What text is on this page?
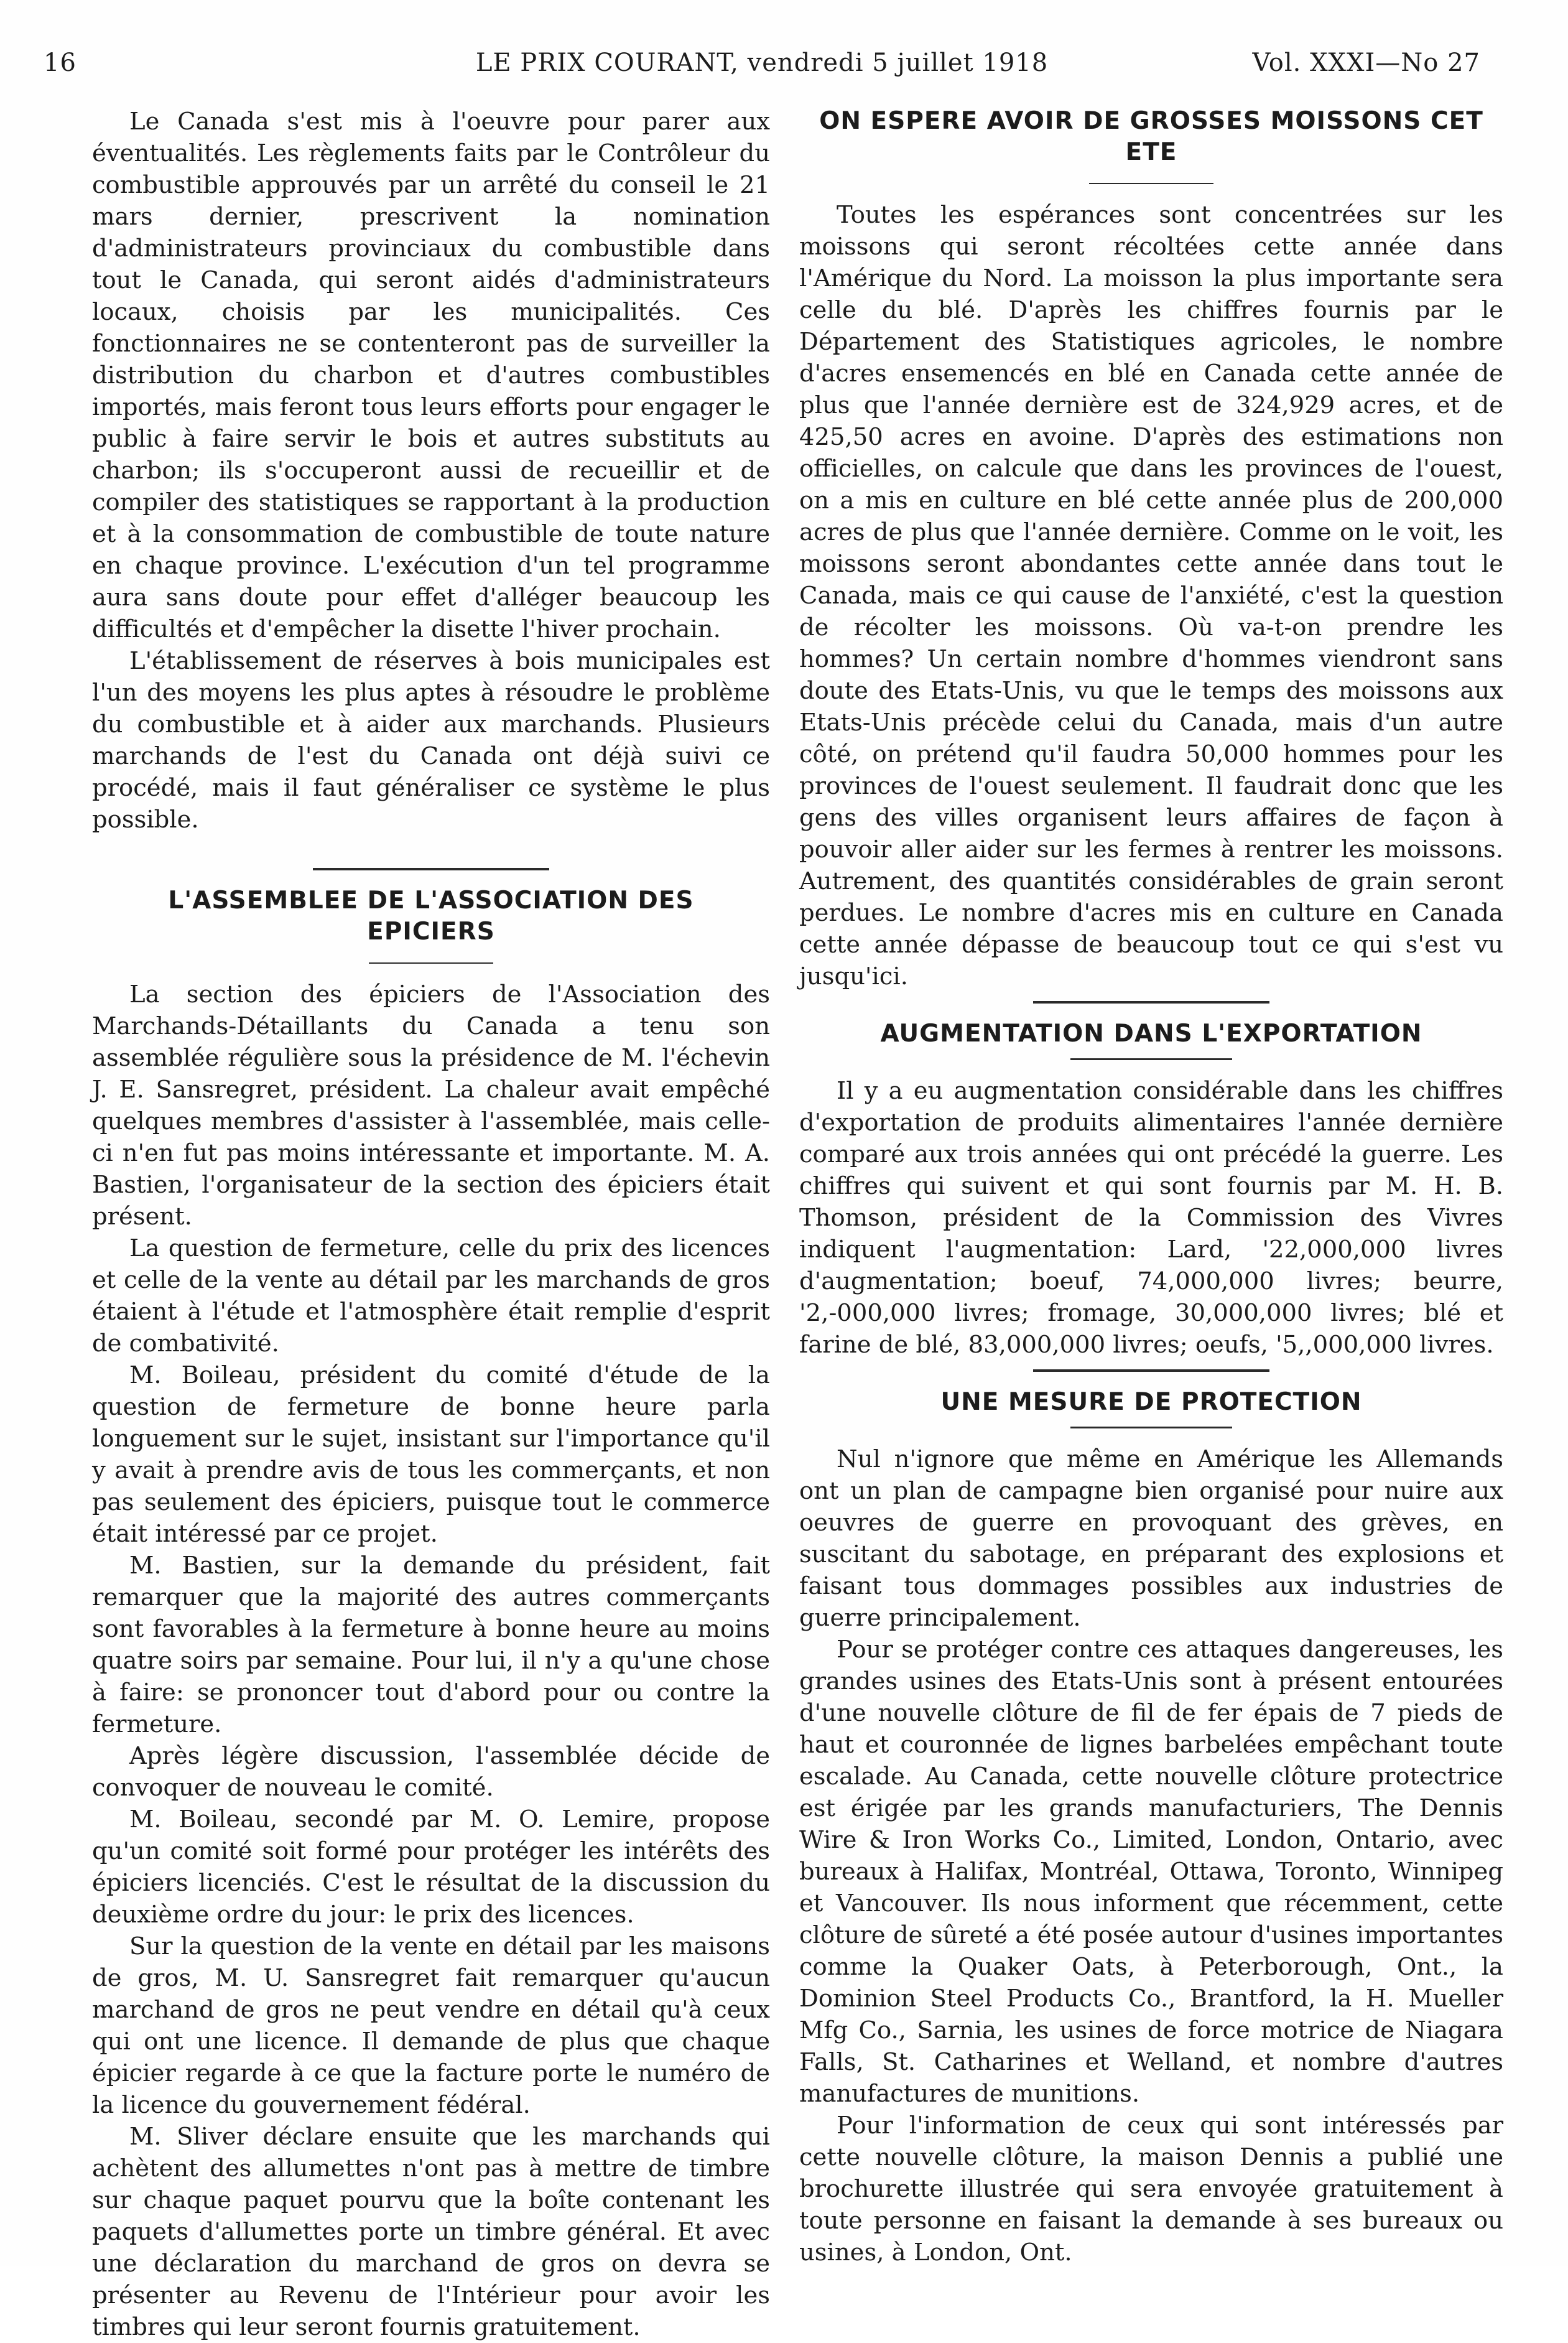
16	LE PRIX COURANT, vendredi 5 juillet 1918	Vol. XXXI—No 27

Le Canada s'est mis à l'oeuvre pour parer aux éventualités. Les règlements faits par le Contrôleur du combustible approuvés par un arrêté du conseil le 21 mars dernier, prescrivent la nomination d'administrateurs provinciaux du combustible dans tout le Canada, qui seront aidés d'administrateurs locaux, choisis par les municipalités. Ces fonctionnaires ne se contenteront pas de surveiller la distribution du charbon et d'autres combustibles importés, mais feront tous leurs efforts pour engager le public à faire servir le bois et autres substituts au charbon; ils s'occuperont aussi de recueillir et de compiler des statistiques se rapportant à la production et à la consommation de combustible de toute nature en chaque province. L'exécution d'un tel programme aura sans doute pour effet d'alléger beaucoup les difficultés et d'empêcher la disette l'hiver prochain.

L'établissement de réserves à bois municipales est l'un des moyens les plus aptes à résoudre le problème du combustible et à aider aux marchands. Plusieurs marchands de l'est du Canada ont déjà suivi ce procédé, mais il faut généraliser ce système le plus possible.

L'ASSEMBLEE DE L'ASSOCIATION DES EPICIERS

La section des épiciers de l'Association des Marchands-Détaillants du Canada a tenu son assemblée régulière sous la présidence de M. l'échevin J. E. Sansregret, président. La chaleur avait empêché quelques membres d'assister à l'assemblée, mais celle-ci n'en fut pas moins intéressante et importante. M. A. Bastien, l'organisateur de la section des épiciers était présent.

La question de fermeture, celle du prix des licences et celle de la vente au détail par les marchands de gros étaient à l'étude et l'atmosphère était remplie d'esprit de combativité.

M. Boileau, président du comité d'étude de la question de fermeture de bonne heure parla longuement sur le sujet, insistant sur l'importance qu'il y avait à prendre avis de tous les commerçants, et non pas seulement des épiciers, puisque tout le commerce était intéressé par ce projet.

M. Bastien, sur la demande du président, fait remarquer que la majorité des autres commerçants sont favorables à la fermeture à bonne heure au moins quatre soirs par semaine. Pour lui, il n'y a qu'une chose à faire: se prononcer tout d'abord pour ou contre la fermeture.

Après légère discussion, l'assemblée décide de convoquer de nouveau le comité.

M. Boileau, secondé par M. O. Lemire, propose qu'un comité soit formé pour protéger les intérêts des épiciers licenciés. C'est le résultat de la discussion du deuxième ordre du jour: le prix des licences.

Sur la question de la vente en détail par les maisons de gros, M. U. Sansregret fait remarquer qu'aucun marchand de gros ne peut vendre en détail qu'à ceux qui ont une licence. Il demande de plus que chaque épicier regarde à ce que la facture porte le numéro de la licence du gouvernement fédéral.

M. Sliver déclare ensuite que les marchands qui achètent des allumettes n'ont pas à mettre de timbre sur chaque paquet pourvu que la boîte contenant les paquets d'allumettes porte un timbre général. Et avec une déclaration du marchand de gros on devra se présenter au Revenu de l'Intérieur pour avoir les timbres qui leur seront fournis gratuitement.

ON ESPERE AVOIR DE GROSSES MOISSONS CET ETE

Toutes les espérances sont concentrées sur les moissons qui seront récoltées cette année dans l'Amérique du Nord. La moisson la plus importante sera celle du blé. D'après les chiffres fournis par le Département des Statistiques agricoles, le nombre d'acres ensemencés en blé en Canada cette année de plus que l'année dernière est de 324,929 acres, et de 425,50 acres en avoine. D'après des estimations non officielles, on calcule que dans les provinces de l'ouest, on a mis en culture en blé cette année plus de 200,000 acres de plus que l'année dernière. Comme on le voit, les moissons seront abondantes cette année dans tout le Canada, mais ce qui cause de l'anxiété, c'est la question de récolter les moissons. Où va-t-on prendre les hommes? Un certain nombre d'hommes viendront sans doute des Etats-Unis, vu que le temps des moissons aux Etats-Unis précède celui du Canada, mais d'un autre côté, on prétend qu'il faudra 50,000 hommes pour les provinces de l'ouest seulement. Il faudrait donc que les gens des villes organisent leurs affaires de façon à pouvoir aller aider sur les fermes à rentrer les moissons. Autrement, des quantités considérables de grain seront perdues. Le nombre d'acres mis en culture en Canada cette année dépasse de beaucoup tout ce qui s'est vu jusqu'ici.

AUGMENTATION DANS L'EXPORTATION

Il y a eu augmentation considérable dans les chiffres d'exportation de produits alimentaires l'année dernière comparé aux trois années qui ont précédé la guerre. Les chiffres qui suivent et qui sont fournis par M. H. B. Thomson, président de la Commission des Vivres indiquent l'augmentation: Lard, '22,000,000 livres d'augmentation; boeuf, 74,000,000 livres; beurre, '2,-000,000 livres; fromage, 30,000,000 livres; blé et farine de blé, 83,000,000 livres; oeufs, '5,,000,000 livres.

UNE MESURE DE PROTECTION

Nul n'ignore que même en Amérique les Allemands ont un plan de campagne bien organisé pour nuire aux oeuvres de guerre en provoquant des grèves, en suscitant du sabotage, en préparant des explosions et faisant tous dommages possibles aux industries de guerre principalement.

Pour se protéger contre ces attaques dangereuses, les grandes usines des Etats-Unis sont à présent entourées d'une nouvelle clôture de fil de fer épais de 7 pieds de haut et couronnée de lignes barbelées empêchant toute escalade. Au Canada, cette nouvelle clôture protectrice est érigée par les grands manufacturiers, The Dennis Wire & Iron Works Co., Limited, London, Ontario, avec bureaux à Halifax, Montréal, Ottawa, Toronto, Winnipeg et Vancouver. Ils nous informent que récemment, cette clôture de sûreté a été posée autour d'usines importantes comme la Quaker Oats, à Peterborough, Ont., la Dominion Steel Products Co., Brantford, la H. Mueller Mfg Co., Sarnia, les usines de force motrice de Niagara Falls, St. Catharines et Welland, et nombre d'autres manufactures de munitions.

Pour l'information de ceux qui sont intéressés par cette nouvelle clôture, la maison Dennis a publié une brochurette illustrée qui sera envoyée gratuitement à toute personne en faisant la demande à ses bureaux ou usines, à London, Ont.
